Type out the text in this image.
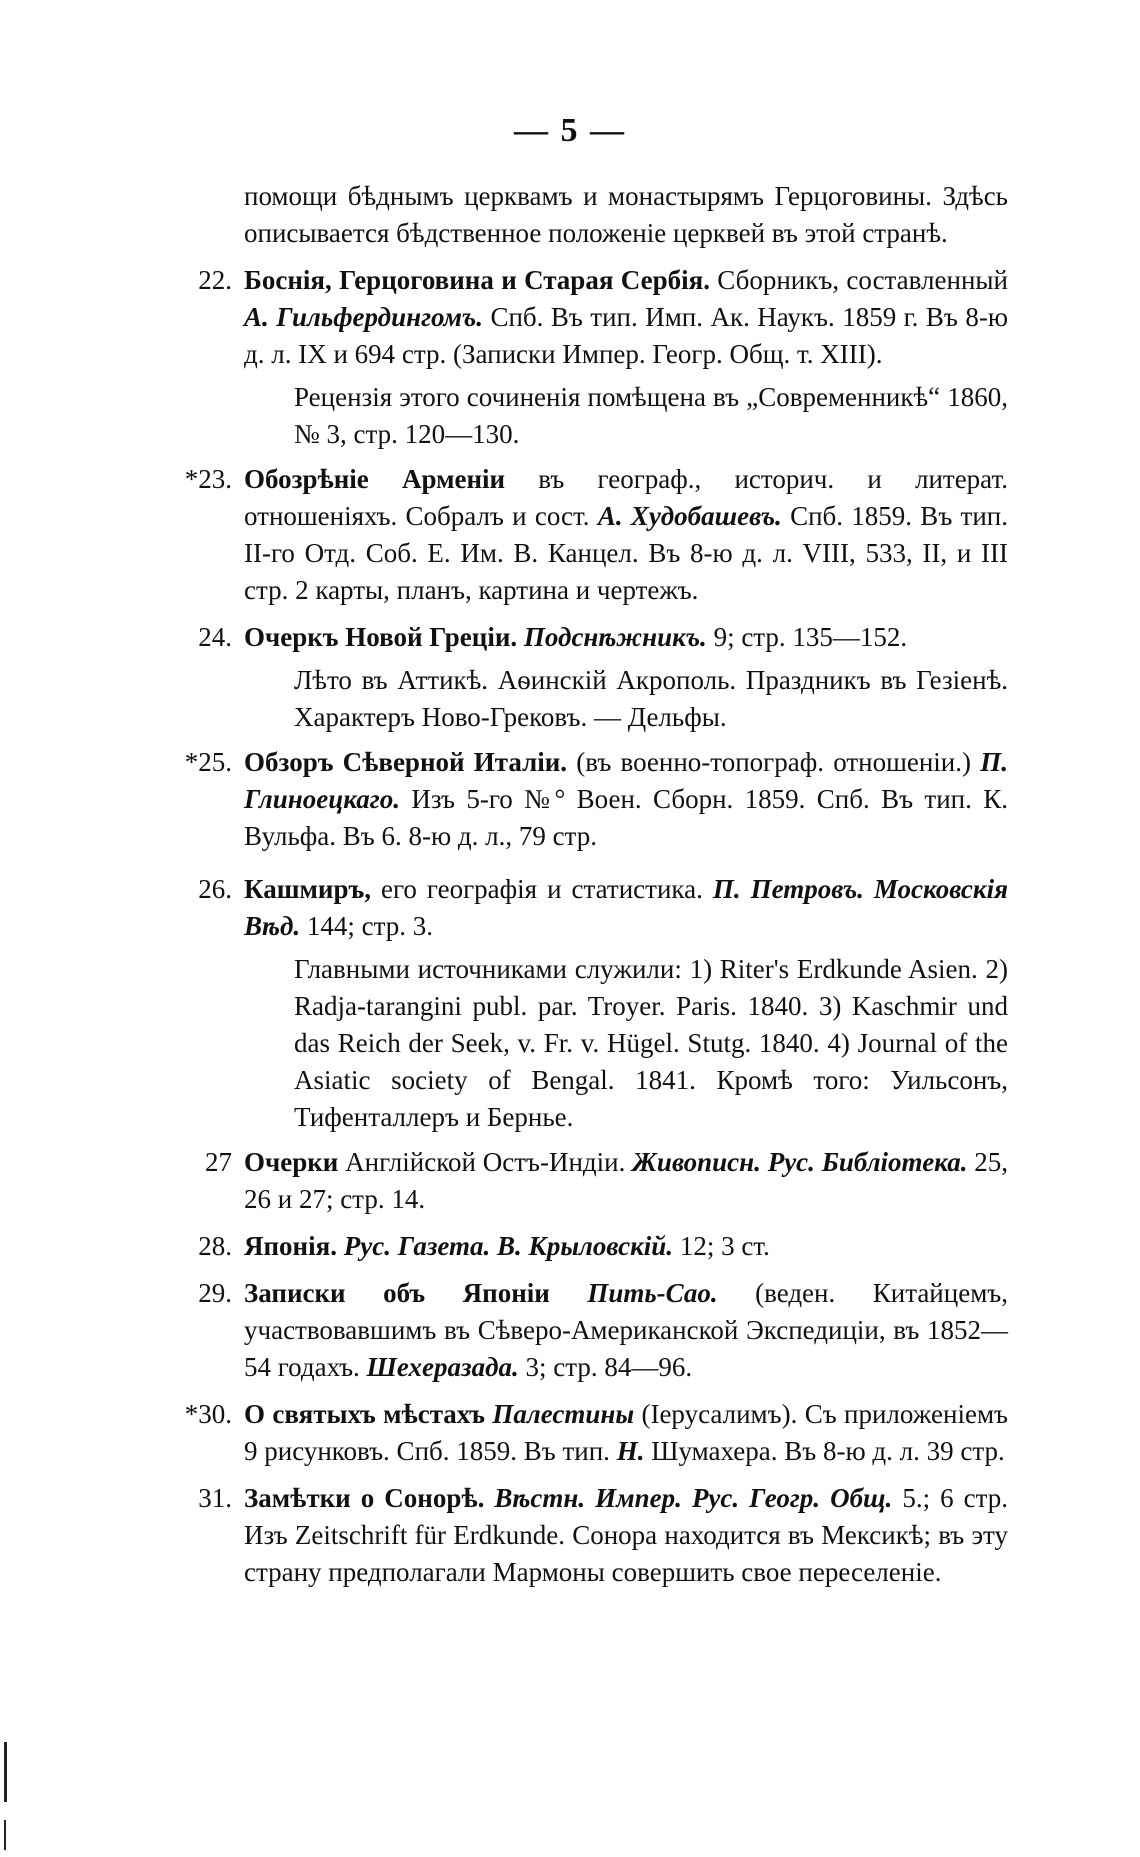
— 5 —
помощи бѣднымъ церквамъ и монастырямъ Герцоговины. Здѣсь описывается бѣдственное положенiе церквей въ этой странѣ.
22. Боснiя, Герцоговина и Старая Сербiя. Сборникъ, составленный А. Гильфердингомъ. Спб. Въ тип. Имп. Ак. Наукъ. 1859 г. Въ 8-ю д. л. IX и 694 стр. (Записки Импер. Геогр. Общ. т. XIII).
Рецензiя этого сочиненiя помѣщена въ „Современникѣ“ 1860, № 3, стр. 120—130.
*23. Обозрѣнiе Арменiи въ географ., историч. и литерат. отношенiяхъ. Собралъ и сост. А. Худобашевъ. Спб. 1859. Въ тип. II-го Отд. Соб. Е. Им. В. Канцел. Въ 8-ю д. л. VIII, 533, II, и III стр. 2 карты, планъ, картина и чертежъ.
24. Очеркъ Новой Грецiи. Подснѣжникъ. 9; стр. 135—152.
Лѣто въ Аттикѣ. Аѳинскiй Акрополь. Праздникъ въ Гезiенѣ. Характеръ Ново-Грековъ. — Дельфы.
*25. Обзоръ Сѣверной Италiи. (въ военно-топограф. отношенiи.) П. Глиноецкаго. Изъ 5-го №° Воен. Сборн. 1859. Спб. Въ тип. К. Вульфа. Въ 6. 8-ю д. л., 79 стр.
26. Кашмиръ, его географiя и статистика. П. Петровъ. Московскiя Вѣд. 144; стр. 3.
Главными источниками служили: 1) Riter's Erdkunde Asien. 2) Radja-tarangini publ. par. Troyer. Paris. 1840. 3) Kaschmir und das Reich der Seek, v. Fr. v. Hügel. Stutg. 1840. 4) Journal of the Asiatic society of Bengal. 1841. Кромѣ того: Уильсонъ, Тифенталлеръ и Бернье.
27 Очерки Англiйской Остъ-Индiи. Живописн. Рус. Библiотека. 25, 26 и 27; стр. 14.
28. Японiя. Рус. Газета. В. Крыловскiй. 12; 3 ст.
29. Записки объ Японiи Пить-Сао. (веден. Китайцемъ, участвовавшимъ въ Сѣверо-Американской Экспедицiи, въ 1852—54 годахъ. Шехеразада. 3; стр. 84—96.
*30. О святыхъ мѣстахъ Палестины (Iерусалимъ). Съ приложенiемъ 9 рисунковъ. Спб. 1859. Въ тип. Н. Шумахера. Въ 8-ю д. л. 39 стр.
31. Замѣтки о Сонорѣ. Вѣстн. Импер. Рус. Геогр. Общ. 5.; 6 стр. Изъ Zeitschrift für Erdkunde. Сонора находится въ Мексикѣ; въ эту страну предполагали Мармоны совершить свое переселенiе.
